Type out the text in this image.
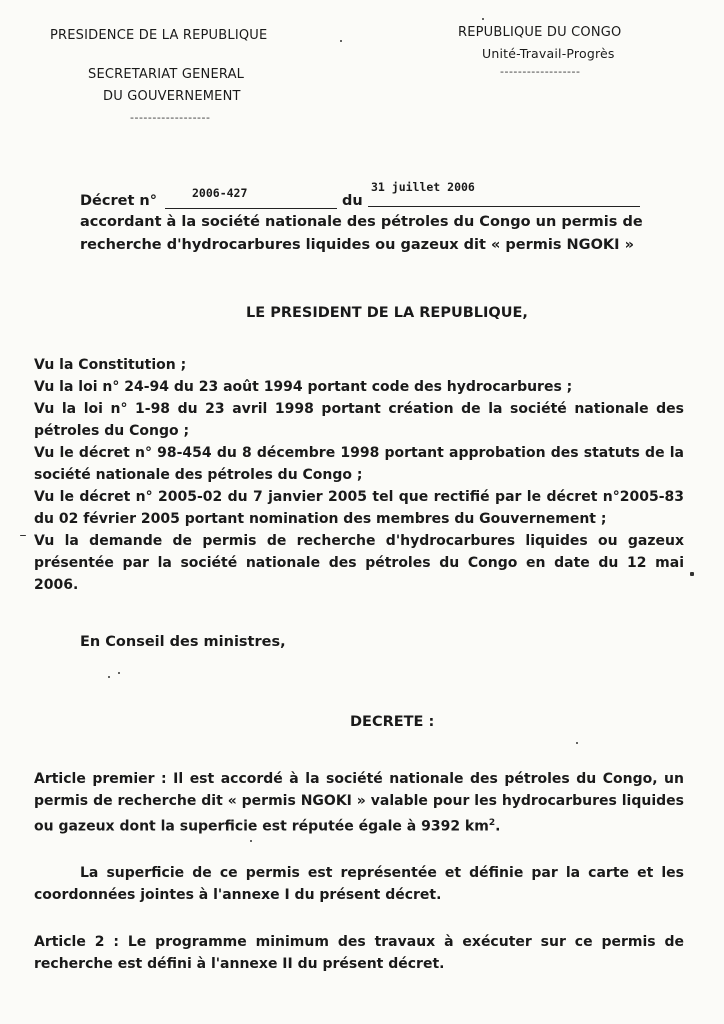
PRESIDENCE DE LA REPUBLIQUE
SECRETARIAT GENERAL
DU GOUVERNEMENT
------------------
REPUBLIQUE DU CONGO
Unité-Travail-Progrès
------------------
Décret n°	2006-427	du
31 juillet 2006
accordant à la société nationale des pétroles du Congo un permis de
recherche d'hydrocarbures liquides ou gazeux dit « permis NGOKI »
LE PRESIDENT DE LA REPUBLIQUE,

Vu la Constitution ;

Vu la loi n° 24-94 du 23 août 1994 portant code des hydrocarbures ;

Vu la loi n° 1-98 du 23 avril 1998 portant création de la société nationale des pétroles du Congo ;

Vu le décret n° 98-454 du 8 décembre 1998 portant approbation des statuts de la société nationale des pétroles du Congo ;

Vu le décret n° 2005-02 du 7 janvier 2005 tel que rectifié par le décret n°2005-83 du 02 février 2005 portant nomination des membres du Gouvernement ;

Vu la demande de permis de recherche d'hydrocarbures liquides ou gazeux présentée par la société nationale des pétroles du Congo en date du 12 mai 2006.

En Conseil des ministres,
DECRETE :

Article premier : Il est accordé à la société nationale des pétroles du Congo, un permis de recherche dit « permis NGOKI » valable pour les hydrocarbures liquides ou gazeux dont la superficie est réputée égale à 9392 $km^2$.

La superficie de ce permis est représentée et définie par la carte et les coordonnées jointes à l'annexe I du présent décret.

Article 2 : Le programme minimum des travaux à exécuter sur ce permis de recherche est défini à l'annexe II du présent décret.
